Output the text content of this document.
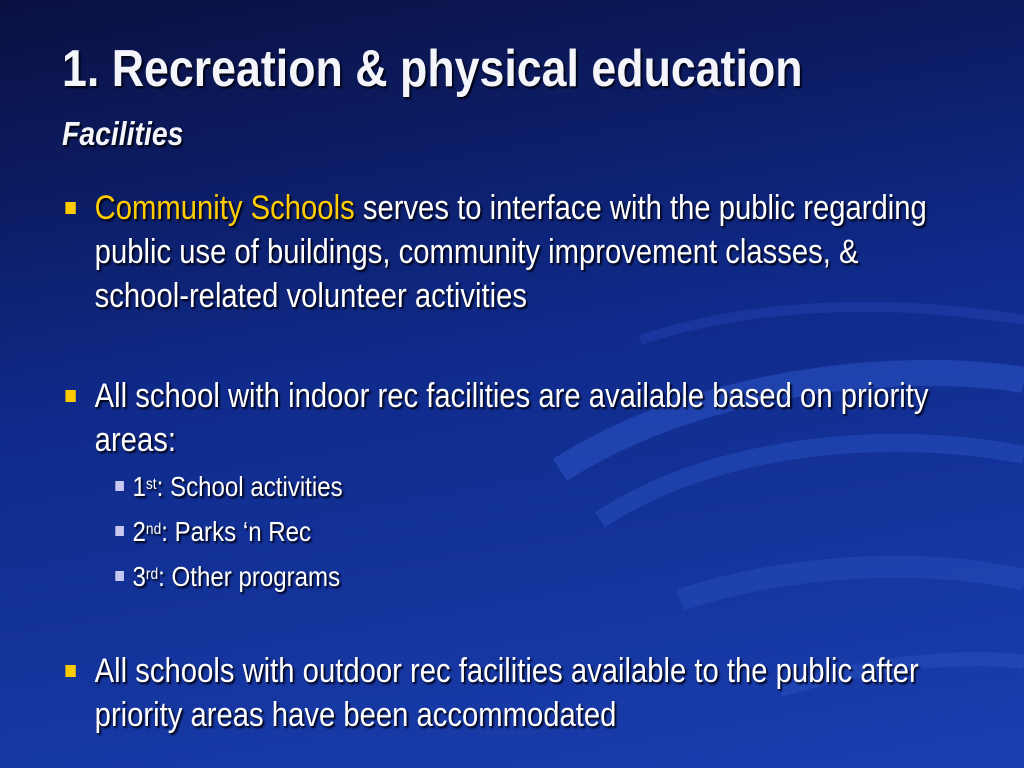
1. Recreation & physical education
Facilities
Community Schools serves to interface with the public regarding public use of buildings, community improvement classes, & school-related volunteer activities
All school with indoor rec facilities are available based on priority areas:
1st: School activities
2nd: Parks ‘n Rec
3rd: Other programs
All schools with outdoor rec facilities available to the public after priority areas have been accommodated
